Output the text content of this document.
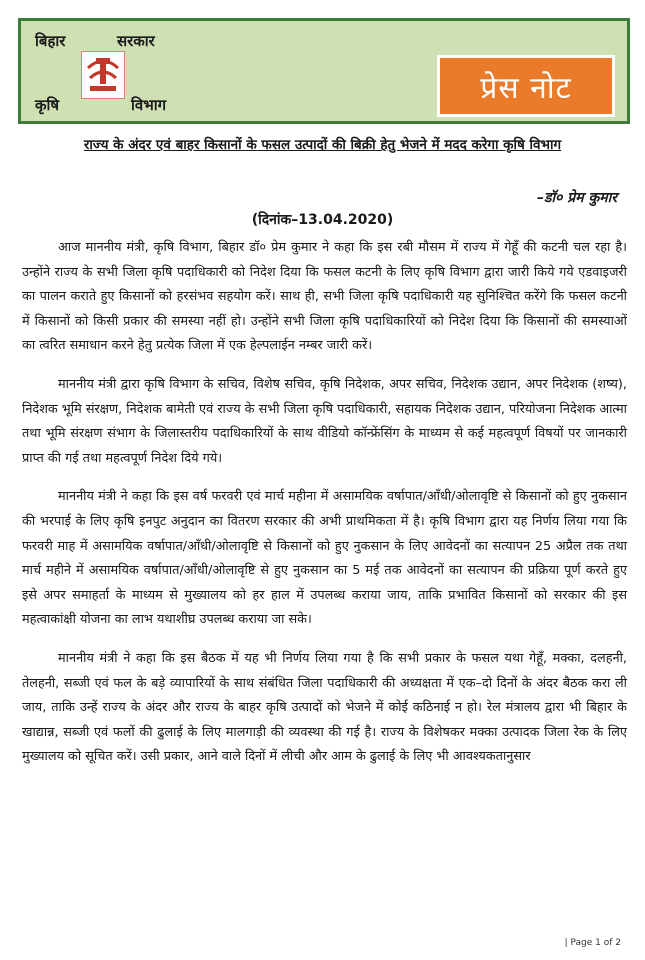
बिहार	सरकार
कृषि	विभाग	प्रेस नोट
राज्य के अंदर एवं बाहर किसानों के फसल उत्पादों की बिक्री हेतु भेजने में मदद करेगा कृषि विभाग
–डॉ० प्रेम कुमार
(दिनांक–13.04.2020)

आज माननीय मंत्री, कृषि विभाग, बिहार डॉ० प्रेम कुमार ने कहा कि इस रबी मौसम में राज्य में गेहूँ की कटनी चल रहा है। उन्होंने राज्य के सभी जिला कृषि पदाधिकारी को निदेश दिया कि फसल कटनी के लिए कृषि विभाग द्वारा जारी किये गये एडवाइजरी का पालन कराते हुए किसानों को हरसंभव सहयोग करें। साथ ही, सभी जिला कृषि पदाधिकारी यह सुनिश्चित करेंगे कि फसल कटनी में किसानों को किसी प्रकार की समस्या नहीं हो। उन्होंने सभी जिला कृषि पदाधिकारियों को निदेश दिया कि किसानों की समस्याओं का त्वरित समाधान करने हेतु प्रत्येक जिला में एक हेल्पलाईन नम्बर जारी करें।

माननीय मंत्री द्वारा कृषि विभाग के सचिव, विशेष सचिव, कृषि निदेशक, अपर सचिव, निदेशक उद्यान, अपर निदेशक (शष्य), निदेशक भूमि संरक्षण, निदेशक बामेती एवं राज्य के सभी जिला कृषि पदाधिकारी, सहायक निदेशक उद्यान, परियोजना निदेशक आत्मा तथा भूमि संरक्षण संभाग के जिलास्तरीय पदाधिकारियों के साथ वीडियो कॉन्फ्रेंसिंग के माध्यम से कई महत्वपूर्ण विषयों पर जानकारी प्राप्त की गई तथा महत्वपूर्ण निदेश दिये गये।

माननीय मंत्री ने कहा कि इस वर्ष फरवरी एवं मार्च महीना में असामयिक वर्षापात/आँधी/ओलावृष्टि से किसानों को हुए नुकसान की भरपाई के लिए कृषि इनपुट अनुदान का वितरण सरकार की अभी प्राथमिकता में है। कृषि विभाग द्वारा यह निर्णय लिया गया कि फरवरी माह में असामयिक वर्षापात/आँधी/ओलावृष्टि से किसानों को हुए नुकसान के लिए आवेदनों का सत्यापन 25 अप्रैल तक तथा मार्च महीने में असामयिक वर्षापात/आँधी/ओलावृष्टि से हुए नुकसान का 5 मई तक आवेदनों का सत्यापन की प्रक्रिया पूर्ण करते हुए इसे अपर समाहर्ता के माध्यम से मुख्यालय को हर हाल में उपलब्ध कराया जाय, ताकि प्रभावित किसानों को सरकार की इस महत्वाकांक्षी योजना का लाभ यथाशीघ्र उपलब्ध कराया जा सके।

माननीय मंत्री ने कहा कि इस बैठक में यह भी निर्णय लिया गया है कि सभी प्रकार के फसल यथा गेहूँ, मक्का, दलहनी, तेलहनी, सब्जी एवं फल के बड़े व्यापारियों के साथ संबंधित जिला पदाधिकारी की अध्यक्षता में एक–दो दिनों के अंदर बैठक करा ली जाय, ताकि उन्हें राज्य के अंदर और राज्य के बाहर कृषि उत्पादों को भेजने में कोई कठिनाई न हो। रेल मंत्रालय द्वारा भी बिहार के खाद्यान्न, सब्जी एवं फलों की ढुलाई के लिए मालगाड़ी की व्यवस्था की गई है। राज्य के विशेषकर मक्का उत्पादक जिला रेक के लिए मुख्यालय को सूचित करें। उसी प्रकार, आने वाले दिनों में लीची और आम के ढुलाई के लिए भी आवश्यकतानुसार

| Page 1 of 2
